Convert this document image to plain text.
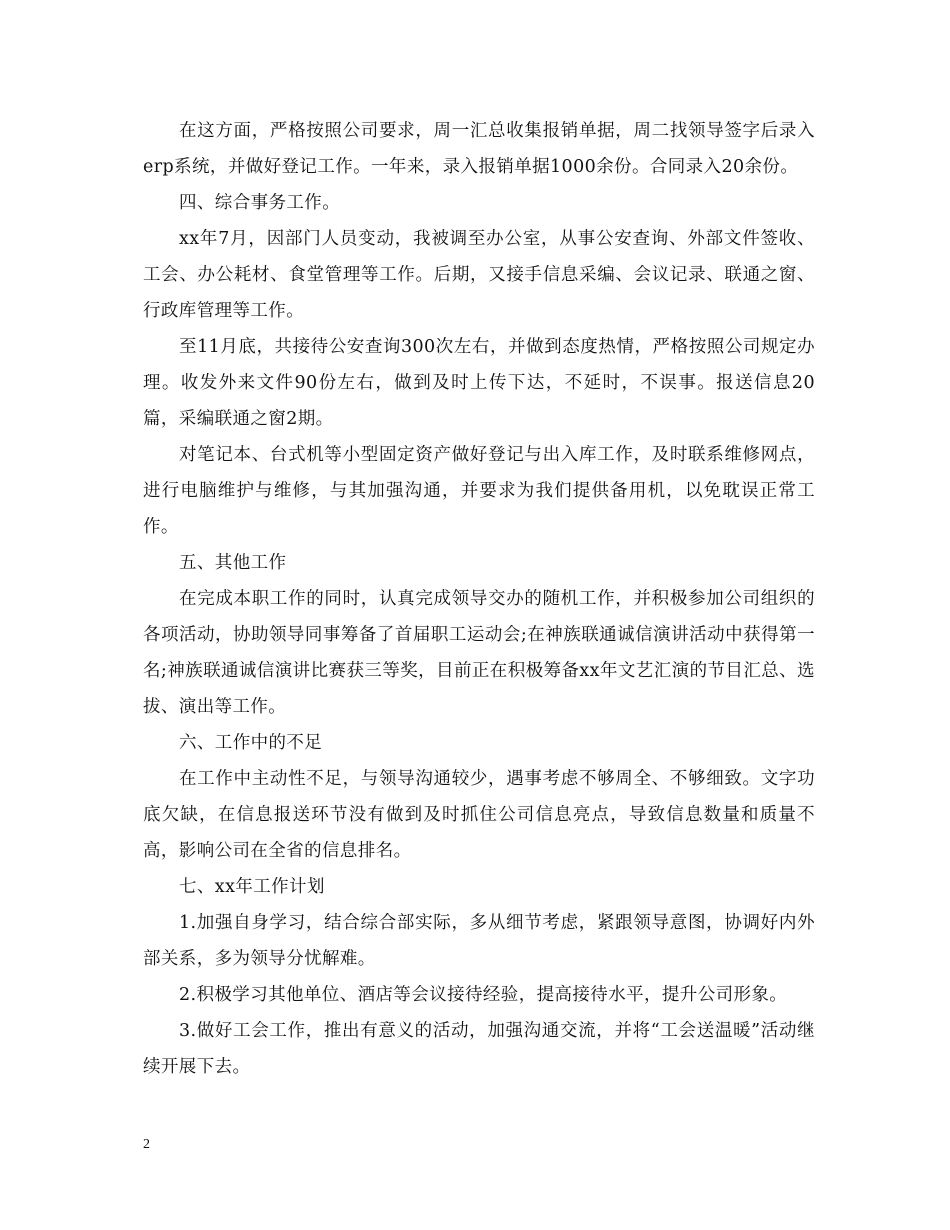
在这方面，严格按照公司要求，周一汇总收集报销单据，周二找领导签字后录入erp系统，并做好登记工作。一年来，录入报销单据1000余份。合同录入20余份。

四、综合事务工作。

xx年7月，因部门人员变动，我被调至办公室，从事公安查询、外部文件签收、工会、办公耗材、食堂管理等工作。后期，又接手信息采编、会议记录、联通之窗、行政库管理等工作。

至11月底，共接待公安查询300次左右，并做到态度热情，严格按照公司规定办理。收发外来文件90份左右，做到及时上传下达，不延时，不误事。报送信息20篇，采编联通之窗2期。

对笔记本、台式机等小型固定资产做好登记与出入库工作，及时联系维修网点，进行电脑维护与维修，与其加强沟通，并要求为我们提供备用机，以免耽误正常工作。

五、其他工作

在完成本职工作的同时，认真完成领导交办的随机工作，并积极参加公司组织的各项活动，协助领导同事筹备了首届职工运动会;在神族联通诚信演讲活动中获得第一名;神族联通诚信演讲比赛获三等奖，目前正在积极筹备xx年文艺汇演的节目汇总、选拔、演出等工作。

六、工作中的不足

在工作中主动性不足，与领导沟通较少，遇事考虑不够周全、不够细致。文字功底欠缺，在信息报送环节没有做到及时抓住公司信息亮点，导致信息数量和质量不高，影响公司在全省的信息排名。

七、xx年工作计划

1.加强自身学习，结合综合部实际，多从细节考虑，紧跟领导意图，协调好内外部关系，多为领导分忧解难。

2.积极学习其他单位、酒店等会议接待经验，提高接待水平，提升公司形象。

3.做好工会工作，推出有意义的活动，加强沟通交流，并将“工会送温暖”活动继续开展下去。

2
